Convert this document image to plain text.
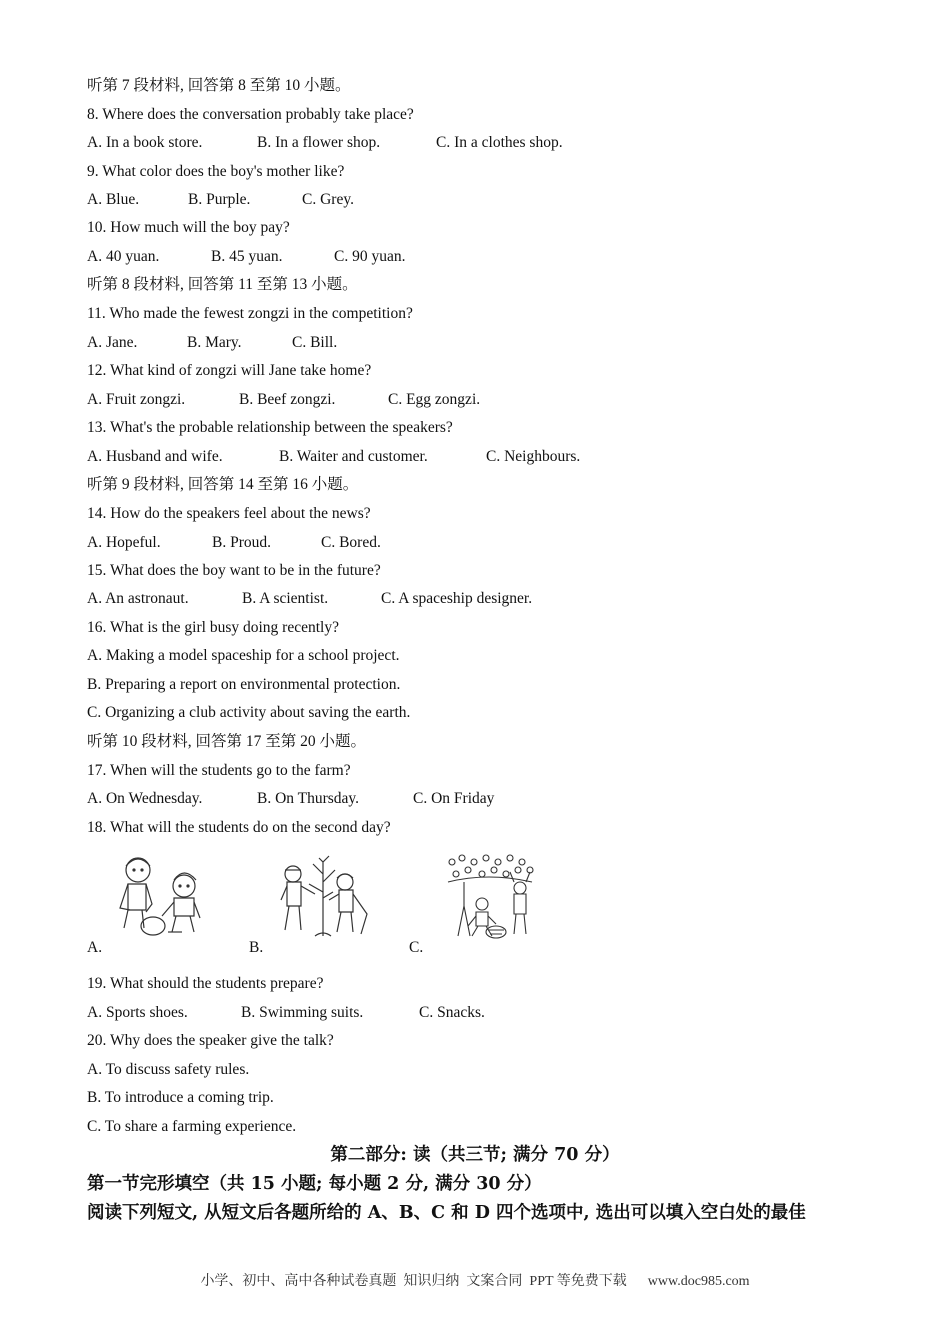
听第 7 段材料, 回答第 8 至第 10 小题。
8. Where does the conversation probably take place?
A. In a book store.	B. In a flower shop.	C. In a clothes shop.
9. What color does the boy's mother like?
A. Blue.	B. Purple.	C. Grey.
10. How much will the boy pay?
A. 40 yuan.	B. 45 yuan.	C. 90 yuan.
听第 8 段材料, 回答第 11 至第 13 小题。
11. Who made the fewest zongzi in the competition?
A. Jane.	B. Mary.	C. Bill.
12. What kind of zongzi will Jane take home?
A. Fruit zongzi.	B. Beef zongzi.	C. Egg zongzi.
13. What's the probable relationship between the speakers?
A. Husband and wife.	B. Waiter and customer.	C. Neighbours.
听第 9 段材料, 回答第 14 至第 16 小题。
14. How do the speakers feel about the news?
A. Hopeful.	B. Proud.	C. Bored.
15. What does the boy want to be in the future?
A. An astronaut.	B. A scientist.	C. A spaceship designer.
16. What is the girl busy doing recently?
A. Making a model spaceship for a school project.
B. Preparing a report on environmental protection.
C. Organizing a club activity about saving the earth.
听第 10 段材料, 回答第 17 至第 20 小题。
17. When will the students go to the farm?
A. On Wednesday.	B. On Thursday.	C. On Friday
18. What will the students do on the second day?
A.	B.	C.
19. What should the students prepare?
A. Sports shoes.	B. Swimming suits.	C. Snacks.
20. Why does the speaker give the talk?
A. To discuss safety rules.
B. To introduce a coming trip.
C. To share a farming experience.
第二部分: 读（共三节; 满分 70 分）
第一节完形填空（共 15 小题; 每小题 2 分, 满分 30 分）
阅读下列短文, 从短文后各题所给的 A、B、C 和 D 四个选项中, 选出可以填入空白处的最佳
小学、初中、高中各种试卷真题  知识归纳  文案合同  PPT 等免费下载      www.doc985.com
